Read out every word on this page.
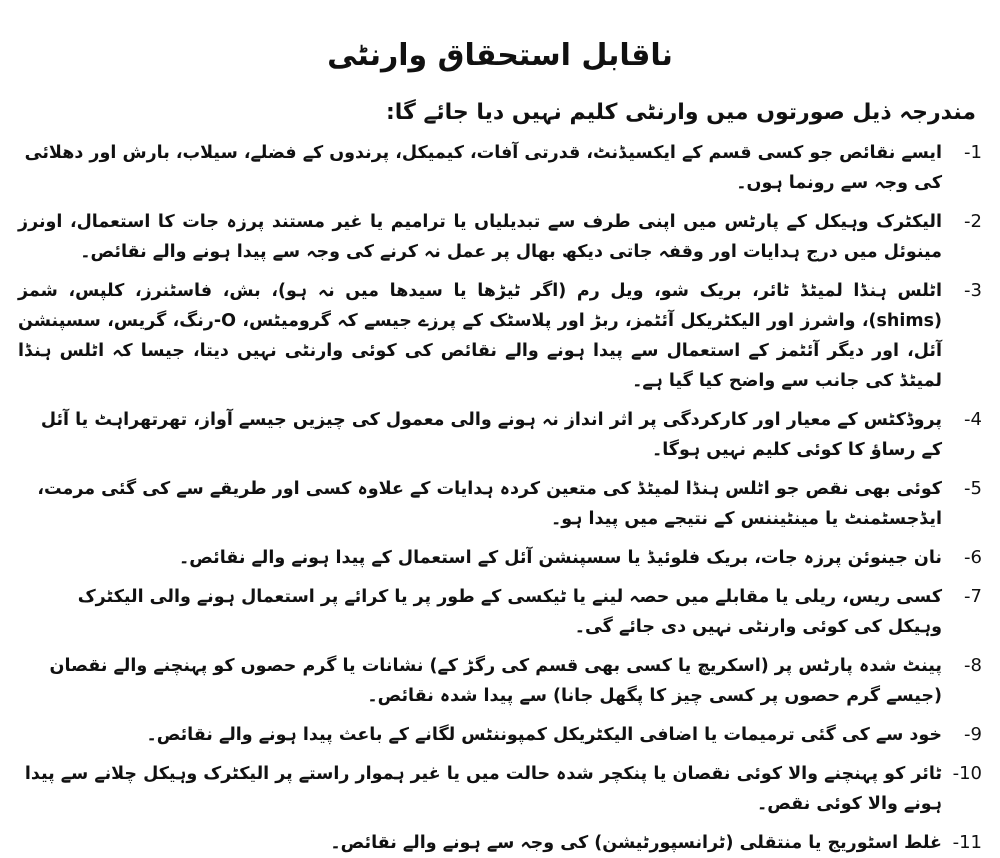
ناقابل استحقاق وارنٹی
مندرجہ ذیل صورتوں میں وارنٹی کلیم نہیں دیا جائے گا:
-1
ایسے نقائص جو کسی قسم کے ایکسیڈنٹ، قدرتی آفات، کیمیکل، پرندوں کے فضلے، سیلاب، بارش اور دھلائی کی وجہ سے رونما ہوں۔
-2
الیکٹرک وہیکل کے پارٹس میں اپنی طرف سے تبدیلیاں یا ترامیم یا غیر مستند پرزہ جات کا استعمال، اونرز مینوئل میں درج ہدایات اور وقفہ جاتی دیکھ بھال پر عمل نہ کرنے کی وجہ سے پیدا ہونے والے نقائص۔
-3
اٹلس ہنڈا لمیٹڈ ٹائر، بریک شو، ویل رم (اگر ٹیڑھا یا سیدھا میں نہ ہو)، بش، فاسٹنرز، کلپس، شمز (shims)، واشرز اور الیکٹریکل آئٹمز، ربڑ اور پلاسٹک کے پرزے جیسے کہ گرومیٹس، O-رنگ، گریس، سسپنشن آئل، اور دیگر آئٹمز کے استعمال سے پیدا ہونے والے نقائص کی کوئی وارنٹی نہیں دیتا، جیسا کہ اٹلس ہنڈا لمیٹڈ کی جانب سے واضح کیا گیا ہے۔
-4
پروڈکٹس کے معیار اور کارکردگی پر اثر انداز نہ ہونے والی معمول کی چیزیں جیسے آواز، تھرتھراہٹ یا آئل کے رساؤ کا کوئی کلیم نہیں ہوگا۔
-5
کوئی بھی نقص جو اٹلس ہنڈا لمیٹڈ کی متعین کردہ ہدایات کے علاوہ کسی اور طریقے سے کی گئی مرمت، ایڈجسٹمنٹ یا مینٹیننس کے نتیجے میں پیدا ہو۔
-6
نان جینوئن پرزہ جات، بریک فلوئیڈ یا سسپنشن آئل کے استعمال کے پیدا ہونے والے نقائص۔
-7
کسی ریس، ریلی یا مقابلے میں حصہ لینے یا ٹیکسی کے طور پر یا کرائے پر استعمال ہونے والی الیکٹرک وہیکل کی کوئی وارنٹی نہیں دی جائے گی۔
-8
پینٹ شدہ پارٹس پر (اسکریچ یا کسی بھی قسم کی رگڑ کے) نشانات یا گرم حصوں کو پہنچنے والے نقصان (جیسے گرم حصوں پر کسی چیز کا پگھل جانا) سے پیدا شدہ نقائص۔
-9
خود سے کی گئی ترمیمات یا اضافی الیکٹریکل کمپوننٹس لگانے کے باعث پیدا ہونے والے نقائص۔
-10
ٹائر کو پہنچنے والا کوئی نقصان یا پنکچر شدہ حالت میں یا غیر ہموار راستے پر الیکٹرک وہیکل چلانے سے پیدا ہونے والا کوئی نقص۔
-11
غلط اسٹوریج یا منتقلی (ٹرانسپورٹیشن) کی وجہ سے ہونے والے نقائص۔
